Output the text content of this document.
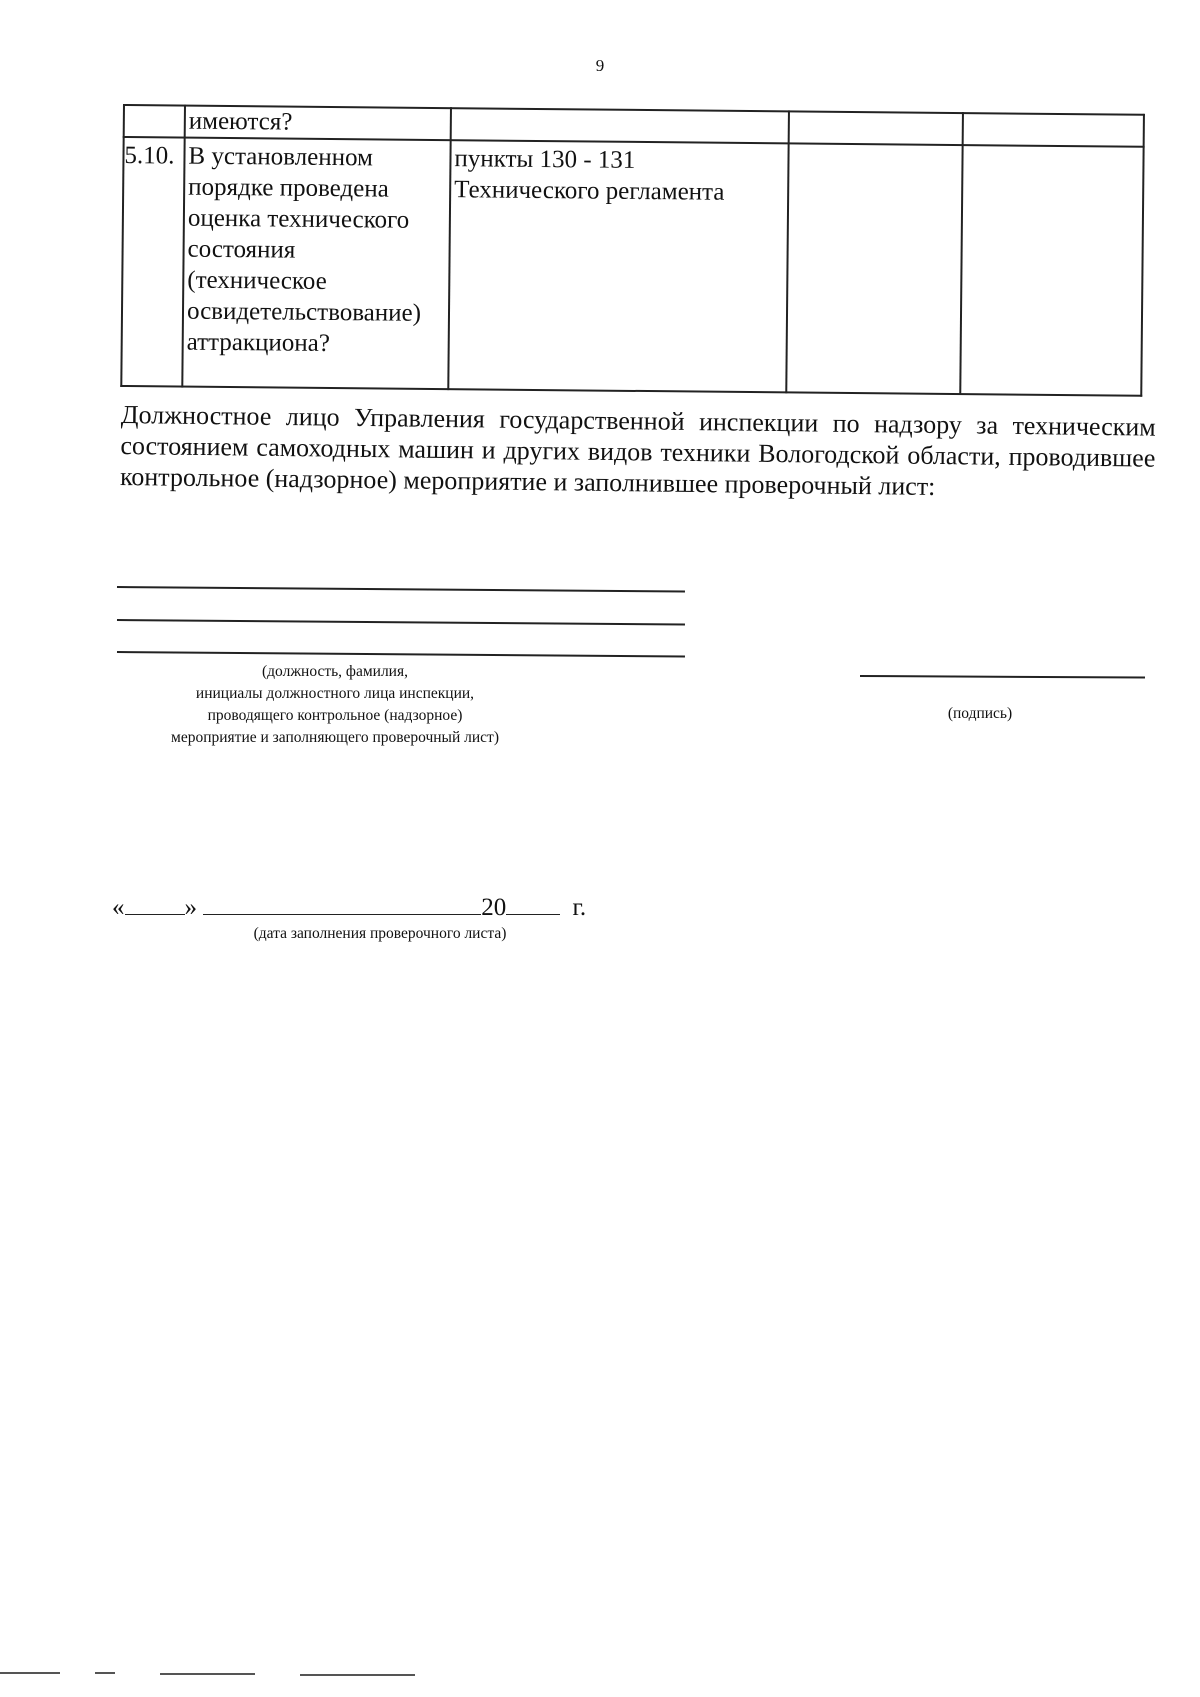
9
имеются?
5.10. В установленном
порядке проведена
оценка технического
состояния
(техническое
освидетельствование)
аттракциона?
пункты 130 - 131
Технического регламента
Должностное лицо Управления государственной инспекции по надзору за техническим состоянием самоходных машин и других видов техники Вологодской области, проводившее контрольное (надзорное) мероприятие и заполнившее проверочный лист:
(должность, фамилия,
инициалы должностного лица инспекции,
проводящего контрольное (надзорное)
мероприятие и заполняющего проверочный лист)
(подпись)
« »	20	г.
(дата заполнения проверочного листа)
